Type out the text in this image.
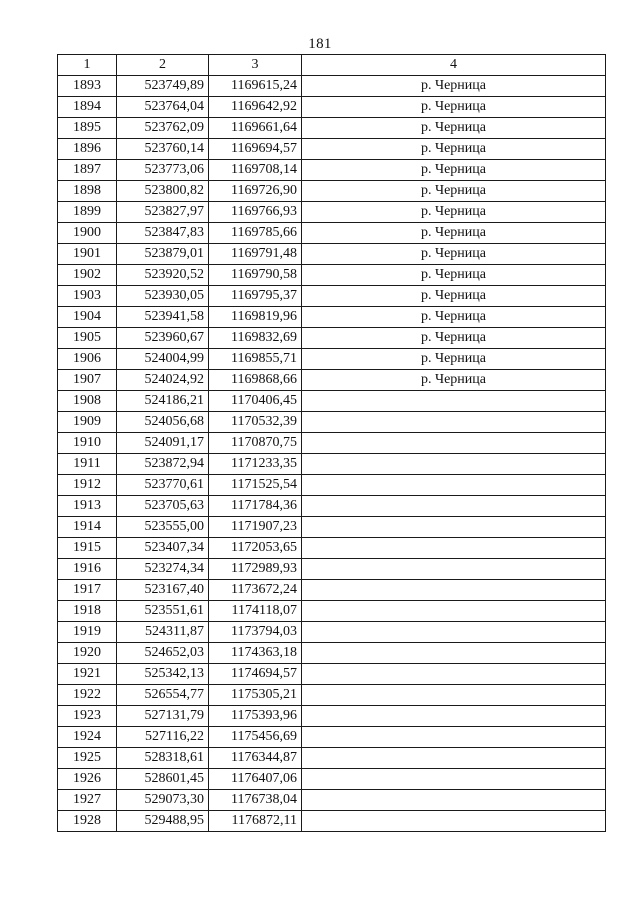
181
1	2	3	4
1893	523749,89	1169615,24	р. Черница
1894	523764,04	1169642,92	р. Черница
1895	523762,09	1169661,64	р. Черница
1896	523760,14	1169694,57	р. Черница
1897	523773,06	1169708,14	р. Черница
1898	523800,82	1169726,90	р. Черница
1899	523827,97	1169766,93	р. Черница
1900	523847,83	1169785,66	р. Черница
1901	523879,01	1169791,48	р. Черница
1902	523920,52	1169790,58	р. Черница
1903	523930,05	1169795,37	р. Черница
1904	523941,58	1169819,96	р. Черница
1905	523960,67	1169832,69	р. Черница
1906	524004,99	1169855,71	р. Черница
1907	524024,92	1169868,66	р. Черница
1908	524186,21	1170406,45	
1909	524056,68	1170532,39	
1910	524091,17	1170870,75	
1911	523872,94	1171233,35	
1912	523770,61	1171525,54	
1913	523705,63	1171784,36	
1914	523555,00	1171907,23	
1915	523407,34	1172053,65	
1916	523274,34	1172989,93	
1917	523167,40	1173672,24	
1918	523551,61	1174118,07	
1919	524311,87	1173794,03	
1920	524652,03	1174363,18	
1921	525342,13	1174694,57	
1922	526554,77	1175305,21	
1923	527131,79	1175393,96	
1924	527116,22	1175456,69	
1925	528318,61	1176344,87	
1926	528601,45	1176407,06	
1927	529073,30	1176738,04	
1928	529488,95	1176872,11	
